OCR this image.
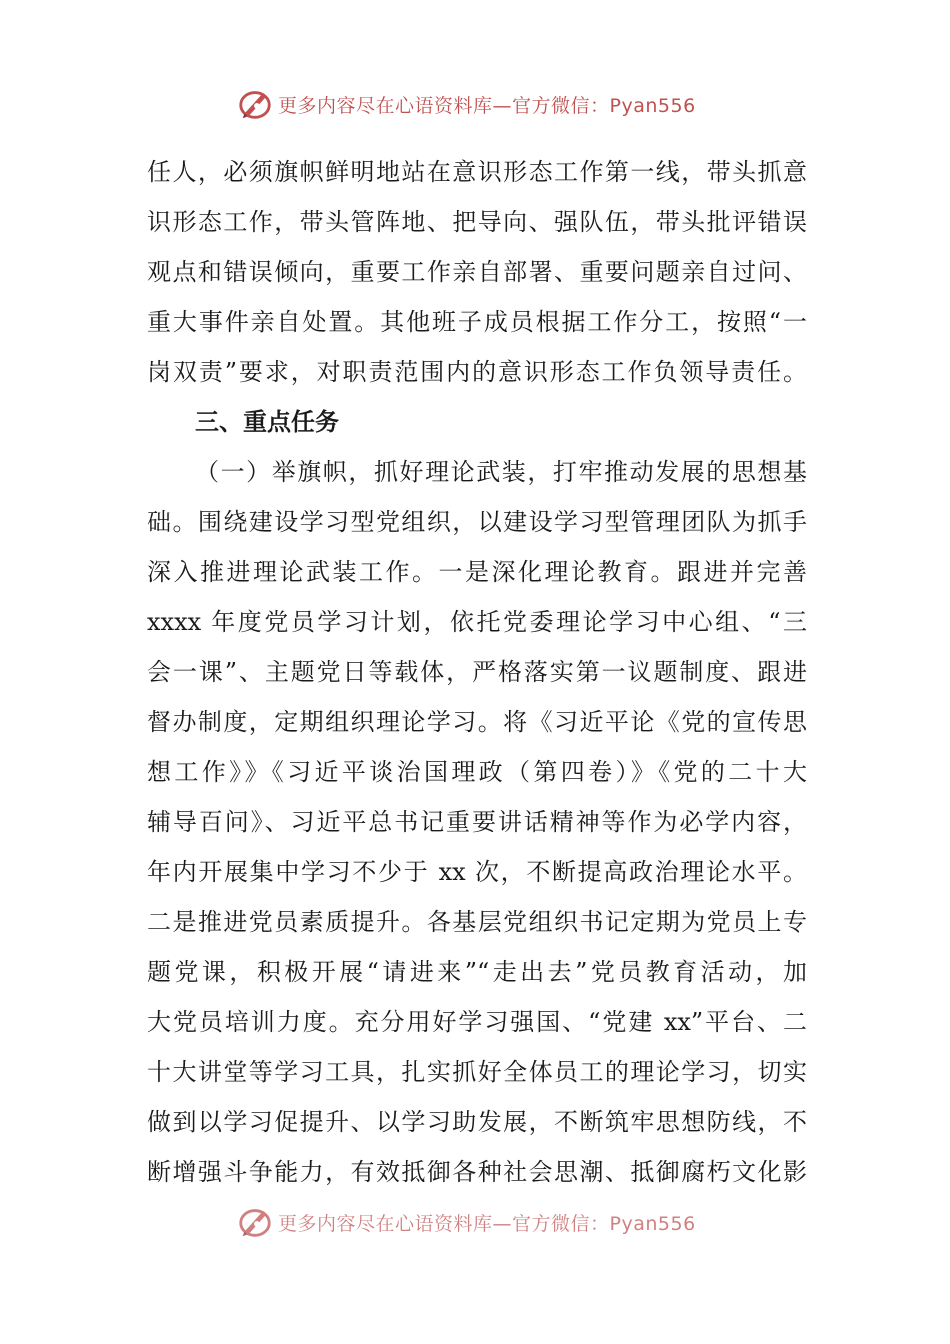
更多内容尽在心语资料库—官方微信：Pyan556
任人，必须旗帜鲜明地站在意识形态工作第一线，带头抓意
识形态工作，带头管阵地、把导向、强队伍，带头批评错误
观点和错误倾向，重要工作亲自部署、重要问题亲自过问、
重大事件亲自处置。其他班子成员根据工作分工，按照“一
岗双责”要求，对职责范围内的意识形态工作负领导责任。
三、重点任务
（一）举旗帜，抓好理论武装，打牢推动发展的思想基
础。围绕建设学习型党组织，以建设学习型管理团队为抓手
深入推进理论武装工作。一是深化理论教育。跟进并完善
xxxx 年度党员学习计划，依托党委理论学习中心组、“三
会一课”、主题党日等载体，严格落实第一议题制度、跟进
督办制度，定期组织理论学习。将《习近平论《党的宣传思
想工作》》《习近平谈治国理政（第四卷）》《党的二十大
辅导百问》、习近平总书记重要讲话精神等作为必学内容，
年内开展集中学习不少于 xx 次，不断提高政治理论水平。
二是推进党员素质提升。各基层党组织书记定期为党员上专
题党课，积极开展“请进来”“走出去”党员教育活动，加
大党员培训力度。充分用好学习强国、“党建 xx”平台、二
十大讲堂等学习工具，扎实抓好全体员工的理论学习，切实
做到以学习促提升、以学习助发展，不断筑牢思想防线，不
断增强斗争能力，有效抵御各种社会思潮、抵御腐朽文化影
更多内容尽在心语资料库—官方微信：Pyan556
